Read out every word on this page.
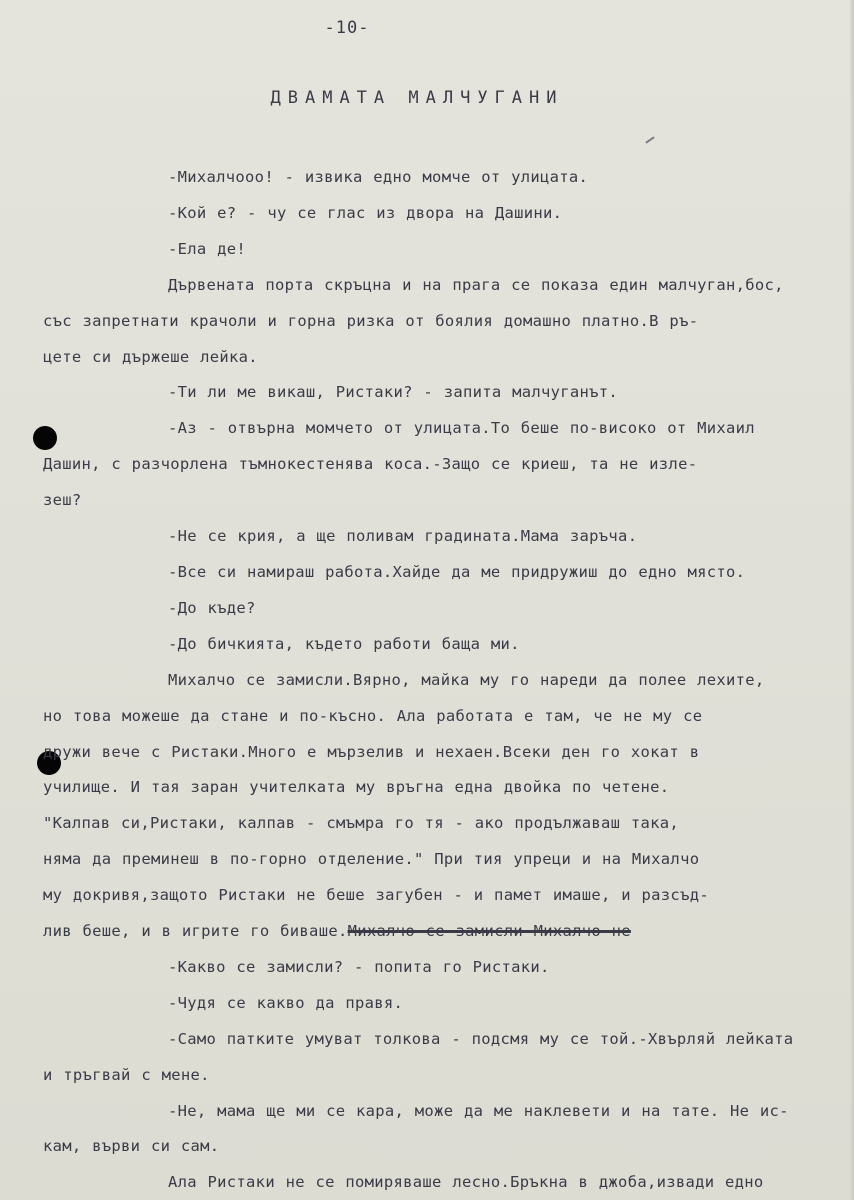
-10-
ДВАМАТА МАЛЧУГАНИ

-Михалчооо! - извика едно момче от улицата.

-Кой е? - чу се глас из двора на Дашини.

-Ела де!

Дървената порта скръцна и на прага се показа един малчуган,бос,

със запретнати крачоли и горна ризка от боялия домашно платно.В ръ-

цете си държеше лейка.

-Ти ли ме викаш, Ристаки? - запита малчуганът.

-Аз - отвърна момчето от улицата.То беше по-високо от Михаил

Дашин, с разчорлена тъмнокестенява коса.-Защо се криеш, та не изле-

зеш?

-Не се крия, а ще поливам градината.Мама заръча.

-Все си намираш работа.Хайде да ме придружиш до едно място.

-До къде?

-До бичкията, където работи баща ми.

Михалчо се замисли.Вярно, майка му го нареди да полее лехите,

но това можеше да стане и по-късно. Ала работата е там, че не му се

дружи вече с Ристаки.Много е мързелив и нехаен.Всеки ден го хокат в

училище. И тая заран учителката му връгна една двойка по четене.

"Калпав си,Ристаки, калпав - смъмра го тя - ако продължаваш така,

няма да преминеш в по-горно отделение." При тия упреци и на Михалчо

му докривя,защото Ристаки не беше загубен - и памет имаше, и разсъд-

лив беше, и в игрите го биваше.Михалчо се замисли Михалчо не

-Какво се замисли? - попита го Ристаки.

-Чудя се какво да правя.

-Само патките умуват толкова - подсмя му се той.-Хвърляй лейката

и тръгвай с мене.

-Не, мама ще ми се кара, може да ме наклевети и на тате. Не ис-

кам, върви си сам.

Ала Ристаки не се помиряваше лесно.Бръкна в джоба,извади едно
